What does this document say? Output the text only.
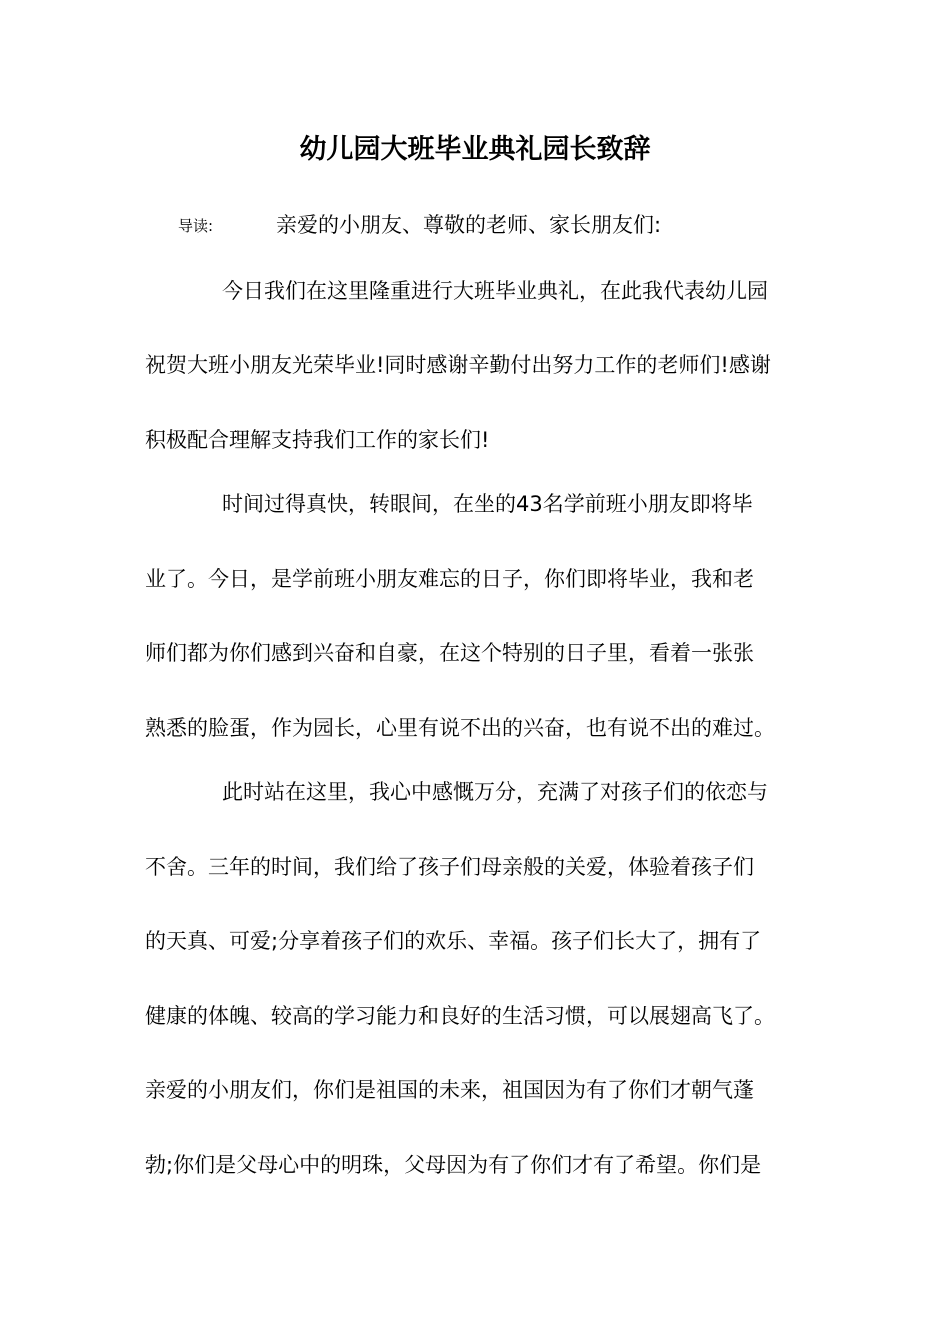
幼儿园大班毕业典礼园长致辞
导读:	亲爱的小朋友、尊敬的老师、家长朋友们:
今日我们在这里隆重进行大班毕业典礼，在此我代表幼儿园
祝贺大班小朋友光荣毕业!同时感谢辛勤付出努力工作的老师们!感谢
积极配合理解支持我们工作的家长们!
时间过得真快，转眼间，在坐的43名学前班小朋友即将毕
业了。今日，是学前班小朋友难忘的日子，你们即将毕业，我和老
师们都为你们感到兴奋和自豪，在这个特别的日子里，看着一张张
熟悉的脸蛋，作为园长，心里有说不出的兴奋，也有说不出的难过。
此时站在这里，我心中感慨万分，充满了对孩子们的依恋与
不舍。三年的时间，我们给了孩子们母亲般的关爱，体验着孩子们
的天真、可爱;分享着孩子们的欢乐、幸福。孩子们长大了，拥有了
健康的体魄、较高的学习能力和良好的生活习惯，可以展翅高飞了。
亲爱的小朋友们，你们是祖国的未来，祖国因为有了你们才朝气蓬
勃;你们是父母心中的明珠，父母因为有了你们才有了希望。你们是
